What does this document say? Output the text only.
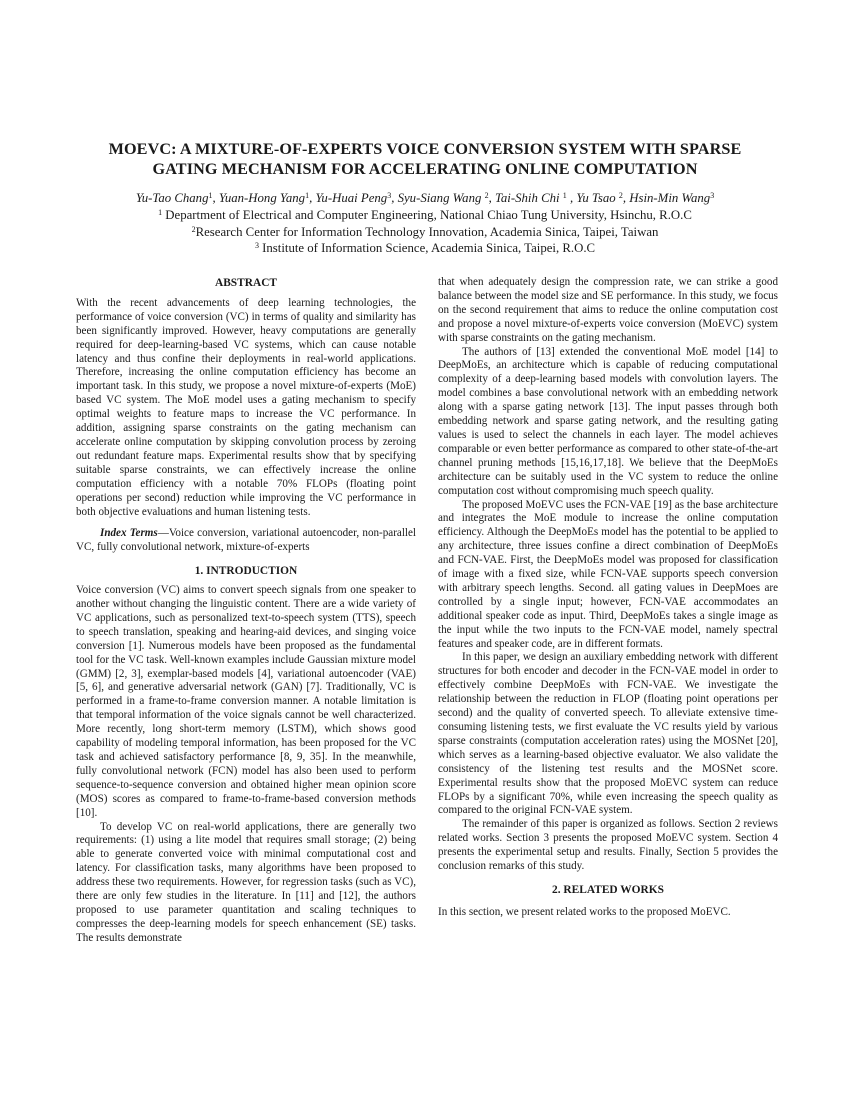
MOEVC: A MIXTURE-OF-EXPERTS VOICE CONVERSION SYSTEM WITH SPARSE
GATING MECHANISM FOR ACCELERATING ONLINE COMPUTATION
Yu-Tao Chang$^1$, Yuan-Hong Yang$^1$, Yu-Huai Peng$^3$, Syu-Siang Wang $^2$, Tai-Shih Chi $^1$ , Yu Tsao $^2$, Hsin-Min Wang$^3$
$^1$ Department of Electrical and Computer Engineering, National Chiao Tung University, Hsinchu, R.O.C
$^2$Research Center for Information Technology Innovation, Academia Sinica, Taipei, Taiwan
$^3$ Institute of Information Science, Academia Sinica, Taipei, R.O.C
ABSTRACT

With the recent advancements of deep learning technologies, the performance of voice conversion (VC) in terms of quality and similarity has been significantly improved. However, heavy computations are generally required for deep-learning-based VC systems, which can cause notable latency and thus confine their deployments in real-world applications. Therefore, increasing the online computation efficiency has become an important task. In this study, we propose a novel mixture-of-experts (MoE) based VC system. The MoE model uses a gating mechanism to specify optimal weights to feature maps to increase the VC performance. In addition, assigning sparse constraints on the gating mechanism can accelerate online computation by skipping convolution process by zeroing out redundant feature maps. Experimental results show that by specifying suitable sparse constraints, we can effectively increase the online computation efficiency with a notable 70% FLOPs (floating point operations per second) reduction while improving the VC performance in both objective evaluations and human listening tests.

Index Terms—Voice conversion, variational autoencoder, non-parallel VC, fully convolutional network, mixture-of-experts

1. INTRODUCTION

Voice conversion (VC) aims to convert speech signals from one speaker to another without changing the linguistic content. There are a wide variety of VC applications, such as personalized text-to-speech system (TTS), speech to speech translation, speaking and hearing-aid devices, and singing voice conversion [1]. Numerous models have been proposed as the fundamental tool for the VC task. Well-known examples include Gaussian mixture model (GMM) [2, 3], exemplar-based models [4], variational autoencoder (VAE) [5, 6], and generative adversarial network (GAN) [7]. Traditionally, VC is performed in a frame-to-frame conversion manner. A notable limitation is that temporal information of the voice signals cannot be well characterized. More recently, long short-term memory (LSTM), which shows good capability of modeling temporal information, has been proposed for the VC task and achieved satisfactory performance [8, 9, 35]. In the meanwhile, fully convolutional network (FCN) model has also been used to perform sequence-to-sequence conversion and obtained higher mean opinion score (MOS) scores as compared to frame-to-frame-based conversion methods [10].

To develop VC on real-world applications, there are generally two requirements: (1) using a lite model that requires small storage; (2) being able to generate converted voice with minimal computational cost and latency. For classification tasks, many algorithms have been proposed to address these two requirements. However, for regression tasks (such as VC), there are only few studies in the literature. In [11] and [12], the authors proposed to use parameter quantitation and scaling techniques to compresses the deep-learning models for speech enhancement (SE) tasks. The results demonstrate

that when adequately design the compression rate, we can strike a good balance between the model size and SE performance. In this study, we focus on the second requirement that aims to reduce the online computation cost and propose a novel mixture-of-experts voice conversion (MoEVC) system with sparse constraints on the gating mechanism.

The authors of [13] extended the conventional MoE model [14] to DeepMoEs, an architecture which is capable of reducing computational complexity of a deep-learning based models with convolution layers. The model combines a base convolutional network with an embedding network along with a sparse gating network [13]. The input passes through both embedding network and sparse gating network, and the resulting gating values is used to select the channels in each layer. The model achieves comparable or even better performance as compared to other state-of-the-art channel pruning methods [15,16,17,18]. We believe that the DeepMoEs architecture can be suitably used in the VC system to reduce the online computation cost without compromising much speech quality.

The proposed MoEVC uses the FCN-VAE [19] as the base architecture and integrates the MoE module to increase the online computation efficiency. Although the DeepMoEs model has the potential to be applied to any architecture, three issues confine a direct combination of DeepMoEs and FCN-VAE. First, the DeepMoEs model was proposed for classification of image with a fixed size, while FCN-VAE supports speech conversion with arbitrary speech lengths. Second. all gating values in DeepMoes are controlled by a single input; however, FCN-VAE accommodates an additional speaker code as input. Third, DeepMoEs takes a single image as the input while the two inputs to the FCN-VAE model, namely spectral features and speaker code, are in different formats.

In this paper, we design an auxiliary embedding network with different structures for both encoder and decoder in the FCN-VAE model in order to effectively combine DeepMoEs with FCN-VAE. We investigate the relationship between the reduction in FLOP (floating point operations per second) and the quality of converted speech. To alleviate extensive time-consuming listening tests, we first evaluate the VC results yield by various sparse constraints (computation acceleration rates) using the MOSNet [20], which serves as a learning-based objective evaluator. We also validate the consistency of the listening test results and the MOSNet score. Experimental results show that the proposed MoEVC system can reduce FLOPs by a significant 70%, while even increasing the speech quality as compared to the original FCN-VAE system.

The remainder of this paper is organized as follows. Section 2 reviews related works. Section 3 presents the proposed MoEVC system. Section 4 presents the experimental setup and results. Finally, Section 5 provides the conclusion remarks of this study.

2. RELATED WORKS

In this section, we present related works to the proposed MoEVC.
